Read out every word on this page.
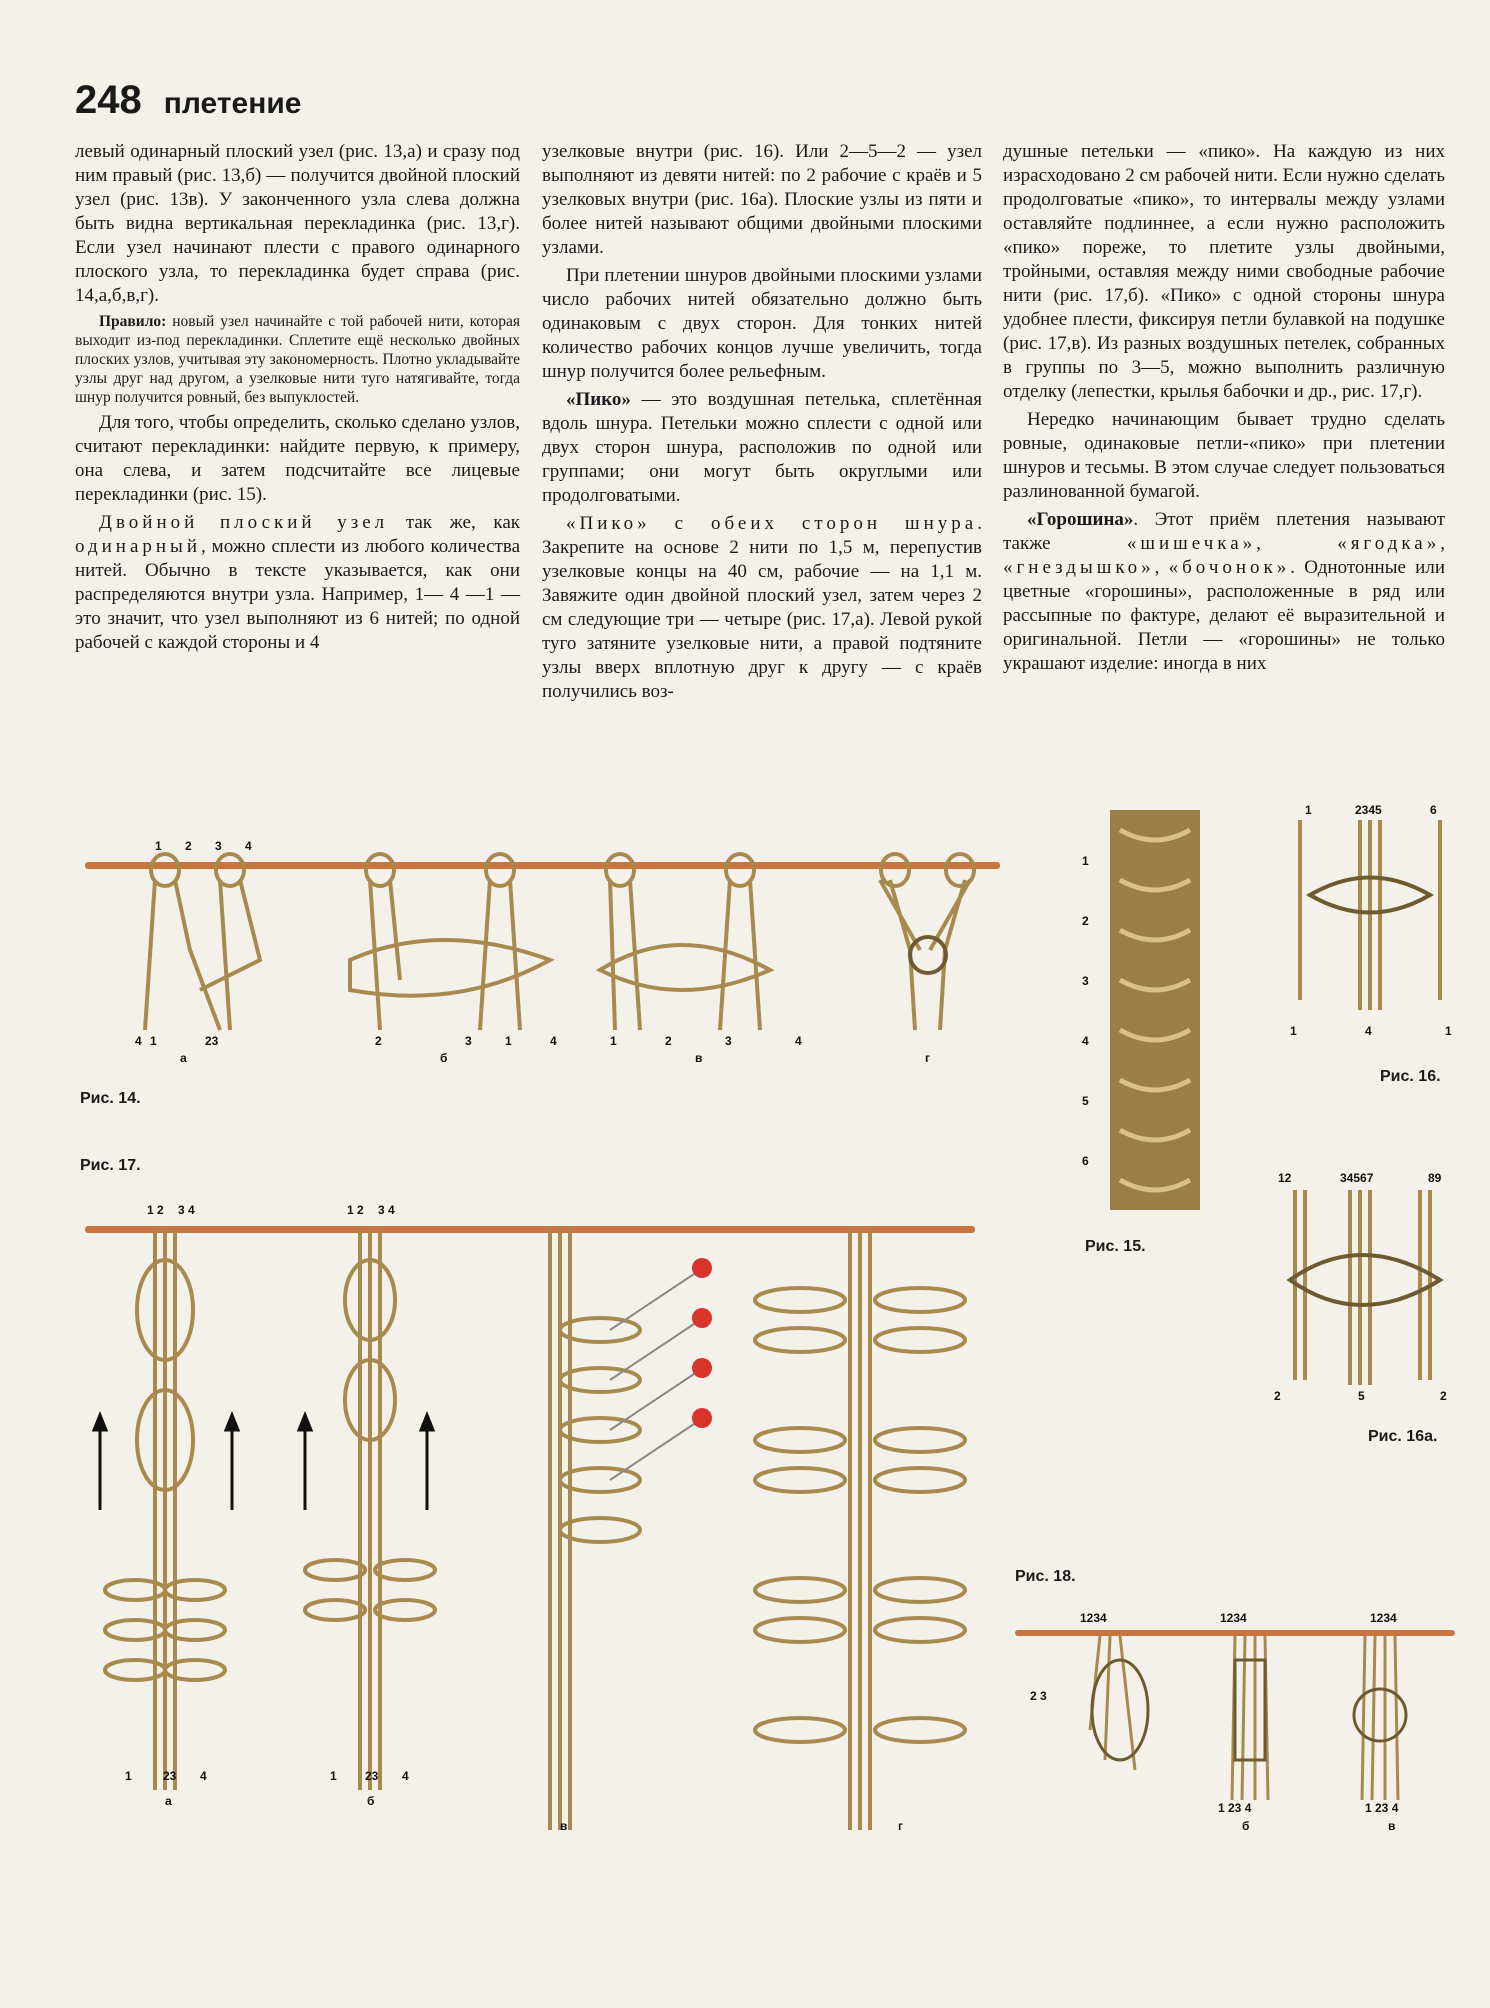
248 плетение

левый одинарный плоский узел (рис. 13,а) и сразу под ним правый (рис. 13,б) — получится двойной плоский узел (рис. 13в). У законченного узла слева должна быть видна вертикальная перекладинка (рис. 13,г). Если узел начинают плести с правого одинарного плоского узла, то перекладинка будет справа (рис. 14,а,б,в,г).

Правило: новый узел начинайте с той рабочей нити, которая выходит из-под перекладинки. Сплетите ещё несколько двойных плоских узлов, учитывая эту закономерность. Плотно укладывайте узлы друг над другом, а узелковые нити туго натягивайте, тогда шнур получится ровный, без выпуклостей.

Для того, чтобы определить, сколько сделано узлов, считают перекладинки: найдите первую, к примеру, она слева, и затем подсчитайте все лицевые перекладинки (рис. 15).

Двойной плоский узел так же, как одинарный, можно сплести из любого количества нитей. Обычно в тексте указывается, как они распределяются внутри узла. Например, 1— 4 —1 — это значит, что узел выполняют из 6 нитей; по одной рабочей с каждой стороны и 4

узелковые внутри (рис. 16). Или 2—5—2 — узел выполняют из девяти нитей: по 2 рабочие с краёв и 5 узелковых внутри (рис. 16а). Плоские узлы из пяти и более нитей называют общими двойными плоскими узлами.

При плетении шнуров двойными плоскими узлами число рабочих нитей обязательно должно быть одинаковым с двух сторон. Для тонких нитей количество рабочих концов лучше увеличить, тогда шнур получится более рельефным.

«Пико» — это воздушная петелька, сплетённая вдоль шнура. Петельки можно сплести с одной или двух сторон шнура, расположив по одной или группами; они могут быть округлыми или продолговатыми.

«Пико» с обеих сторон шнура. Закрепите на основе 2 нити по 1,5 м, перепустив узелковые концы на 40 см, рабочие — на 1,1 м. Завяжите один двойной плоский узел, затем через 2 см следующие три — четыре (рис. 17,а). Левой рукой туго затяните узелковые нити, а правой подтяните узлы вверх вплотную друг к другу — с краёв получились воз-

душные петельки — «пико». На каждую из них израсходовано 2 см рабочей нити. Если нужно сделать продолговатые «пико», то интервалы между узлами оставляйте подлиннее, а если нужно расположить «пико» пореже, то плетите узлы двойными, тройными, оставляя между ними свободные рабочие нити (рис. 17,б). «Пико» с одной стороны шнура удобнее плести, фиксируя петли булавкой на подушке (рис. 17,в). Из разных воздушных петелек, собранных в группы по 3—5, можно выполнить различную отделку (лепестки, крылья бабочки и др., рис. 17,г).

Нередко начинающим бывает трудно сделать ровные, одинаковые петли-«пико» при плетении шнуров и тесьмы. В этом случае следует пользоваться разлинованной бумагой.

«Горошина». Этот приём плетения называют также	«шишечка», «ягодка», «гнездышко», «бочонок». Однотонные или цветные «горошины», расположенные в ряд или рассыпные по фактуре, делают её выразительной и оригинальной. Петли — «горошины» не только украшают изделие: иногда в них

1 2 3 4
4 1	23	2	3	1	4	1	2	3	4
а	б	в	г
Рис. 14.
1
2
3
4
5
6
Рис. 15.
1	2345	6
1	4	1
Рис. 16.
12	34567	89
2	5	2
Рис. 16а.
Рис. 17.
1 2 3 4	1 2 3 4
1	23 4	1 23 4
а	б
в	г
Рис. 18.
1234	1234	1234
2 3
1 23 4	1 23 4
б	в
